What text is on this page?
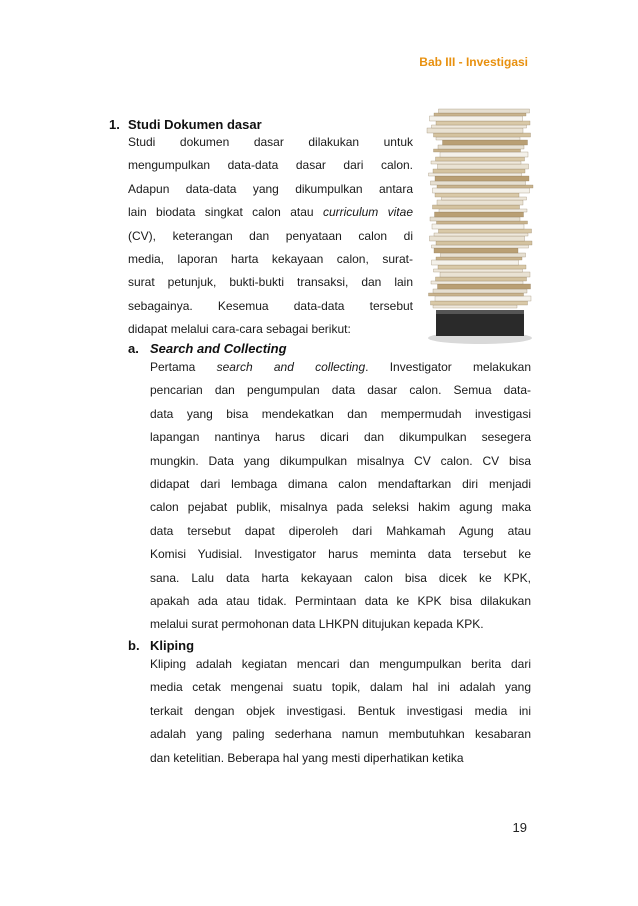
Bab III - Investigasi
1. Studi Dokumen dasar
Studi dokumen dasar dilakukan untuk
mengumpulkan data-data dasar dari calon.
Adapun data-data yang dikumpulkan antara
lain biodata singkat calon atau curriculum vitae
(CV), keterangan dan penyataan calon di
media, laporan harta kekayaan calon, surat-
surat petunjuk, bukti-bukti transaksi, dan lain
sebagainya. Kesemua data-data tersebut
didapat melalui cara-cara sebagai berikut:
a. Search and Collecting
Pertama search and collecting. Investigator melakukan
pencarian dan pengumpulan data dasar calon. Semua data-
data yang bisa mendekatkan dan mempermudah investigasi
lapangan nantinya harus dicari dan dikumpulkan sesegera
mungkin. Data yang dikumpulkan misalnya CV calon. CV bisa
didapat dari lembaga dimana calon mendaftarkan diri menjadi
calon pejabat publik, misalnya pada seleksi hakim agung maka
data tersebut dapat diperoleh dari Mahkamah Agung atau
Komisi Yudisial. Investigator harus meminta data tersebut ke
sana. Lalu data harta kekayaan calon bisa dicek ke KPK,
apakah ada atau tidak. Permintaan data ke KPK bisa dilakukan
melalui surat permohonan data LHKPN ditujukan kepada KPK.
b. Kliping
Kliping adalah kegiatan mencari dan mengumpulkan berita dari
media cetak mengenai suatu topik, dalam hal ini adalah yang
terkait dengan objek investigasi. Bentuk investigasi media ini
adalah yang paling sederhana namun membutuhkan kesabaran
dan ketelitian. Beberapa hal yang mesti diperhatikan ketika
19
